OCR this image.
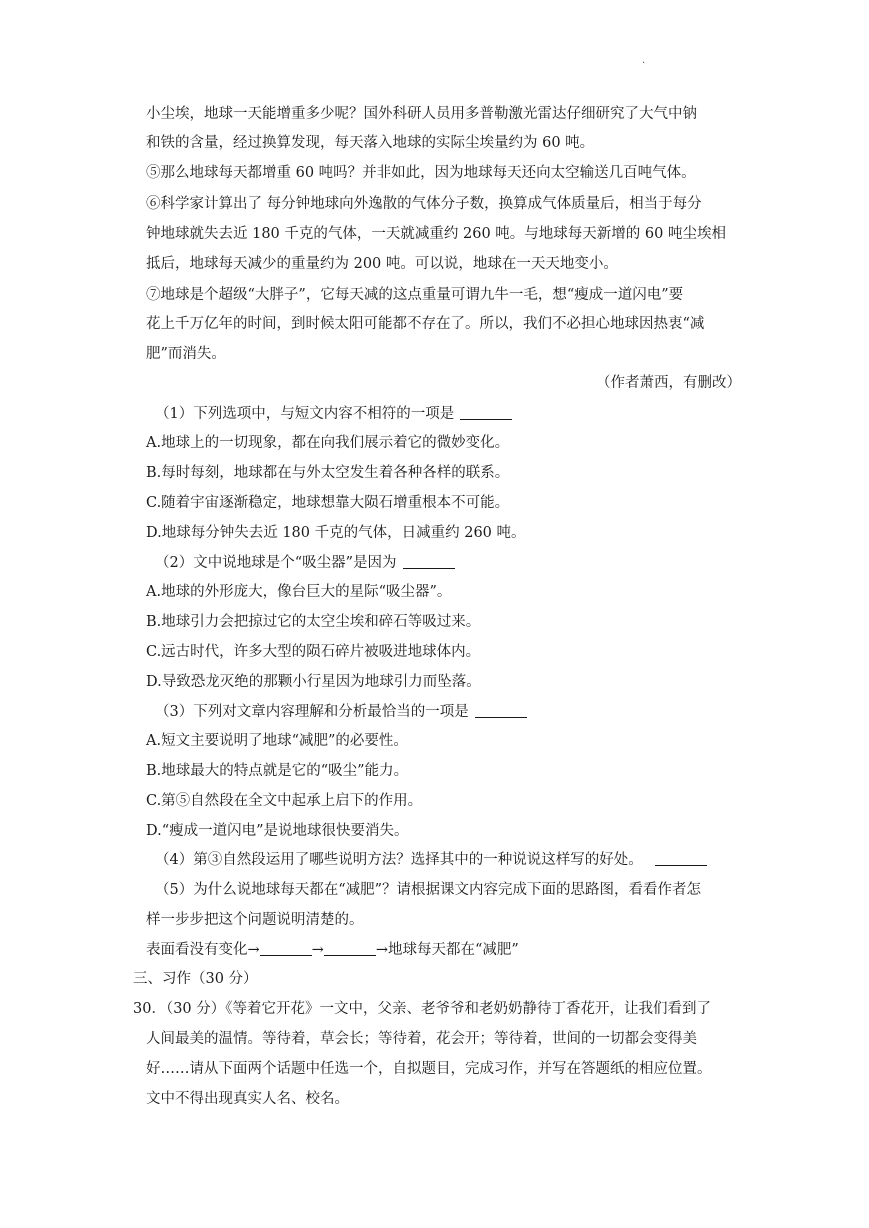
·
小尘埃，地球一天能增重多少呢？国外科研人员用多普勒激光雷达仔细研究了大气中钠
和铁的含量，经过换算发现，每天落入地球的实际尘埃量约为 60 吨。
⑤那么地球每天都增重 60 吨吗？并非如此，因为地球每天还向太空输送几百吨气体。
⑥科学家计算出了 每分钟地球向外逸散的气体分子数，换算成气体质量后，相当于每分
钟地球就失去近 180 千克的气体，一天就减重约 260 吨。与地球每天新增的 60 吨尘埃相
抵后，地球每天减少的重量约为 200 吨。可以说，地球在一天天地变小。
⑦地球是个超级“大胖子”，它每天减的这点重量可谓九牛一毛，想“瘦成一道闪电”要
花上千万亿年的时间，到时候太阳可能都不存在了。所以，我们不必担心地球因热衷“减
肥”而消失。
（作者萧西，有删改）
（1）下列选项中，与短文内容不相符的一项是
A.地球上的一切现象，都在向我们展示着它的微妙变化。
B.每时每刻，地球都在与外太空发生着各种各样的联系。
C.随着宇宙逐渐稳定，地球想靠大陨石增重根本不可能。
D.地球每分钟失去近 180 千克的气体，日减重约 260 吨。
（2）文中说地球是个“吸尘器”是因为
A.地球的外形庞大，像台巨大的星际“吸尘器”。
B.地球引力会把掠过它的太空尘埃和碎石等吸过来。
C.远古时代，许多大型的陨石碎片被吸进地球体内。
D.导致恐龙灭绝的那颗小行星因为地球引力而坠落。
（3）下列对文章内容理解和分析最恰当的一项是
A.短文主要说明了地球“减肥”的必要性。
B.地球最大的特点就是它的“吸尘”能力。
C.第⑤自然段在全文中起承上启下的作用。
D.“瘦成一道闪电”是说地球很快要消失。
（4）第③自然段运用了哪些说明方法？选择其中的一种说说这样写的好处。
（5）为什么说地球每天都在“减肥”？请根据课文内容完成下面的思路图，看看作者怎
样一步步把这个问题说明清楚的。
表面看没有变化→	→	→地球每天都在“减肥”
三、习作（30 分）
30．（30 分）《等着它开花》一文中，父亲、老爷爷和老奶奶静待丁香花开，让我们看到了
人间最美的温情。等待着，草会长；等待着，花会开；等待着，世间的一切都会变得美
好……请从下面两个话题中任选一个，自拟题目，完成习作，并写在答题纸的相应位置。
文中不得出现真实人名、校名。
